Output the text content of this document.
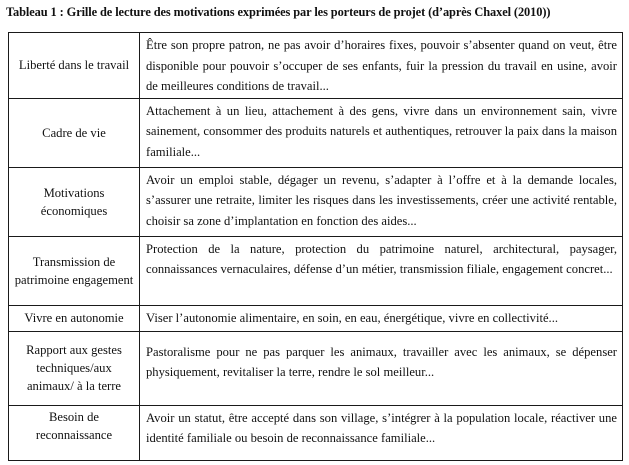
Tableau 1 : Grille de lecture des motivations exprimées par les porteurs de projet (d’après Chaxel (2010))
Liberté dans le travail	Être son propre patron, ne pas avoir d’horaires fixes, pouvoir s’absenter quand on veut, être disponible pour pouvoir s’occuper de ses enfants, fuir la pression du travail en usine, avoir de meilleures conditions de travail...
Cadre de vie	Attachement à un lieu, attachement à des gens, vivre dans un environnement sain, vivre sainement, consommer des produits naturels et authentiques, retrouver la paix dans la maison familiale...
Motivations économiques	Avoir un emploi stable, dégager un revenu, s’adapter à l’offre et à la demande locales, s’assurer une retraite, limiter les risques dans les investissements, créer une activité rentable, choisir sa zone d’implantation en fonction des aides...
Transmission de patrimoine engagement	Protection de la nature, protection du patrimoine naturel, architectural, paysager, connaissances vernaculaires, défense d’un métier, transmission filiale, engagement concret...
Vivre en autonomie	Viser l’autonomie alimentaire, en soin, en eau, énergétique, vivre en collectivité...
Rapport aux gestes techniques/aux animaux/ à la terre	Pastoralisme pour ne pas parquer les animaux, travailler avec les animaux, se dépenser physiquement, revitaliser la terre, rendre le sol meilleur...
Besoin de reconnaissance	Avoir un statut, être accepté dans son village, s’intégrer à la population locale, réactiver une identité familiale ou besoin de reconnaissance familiale...
